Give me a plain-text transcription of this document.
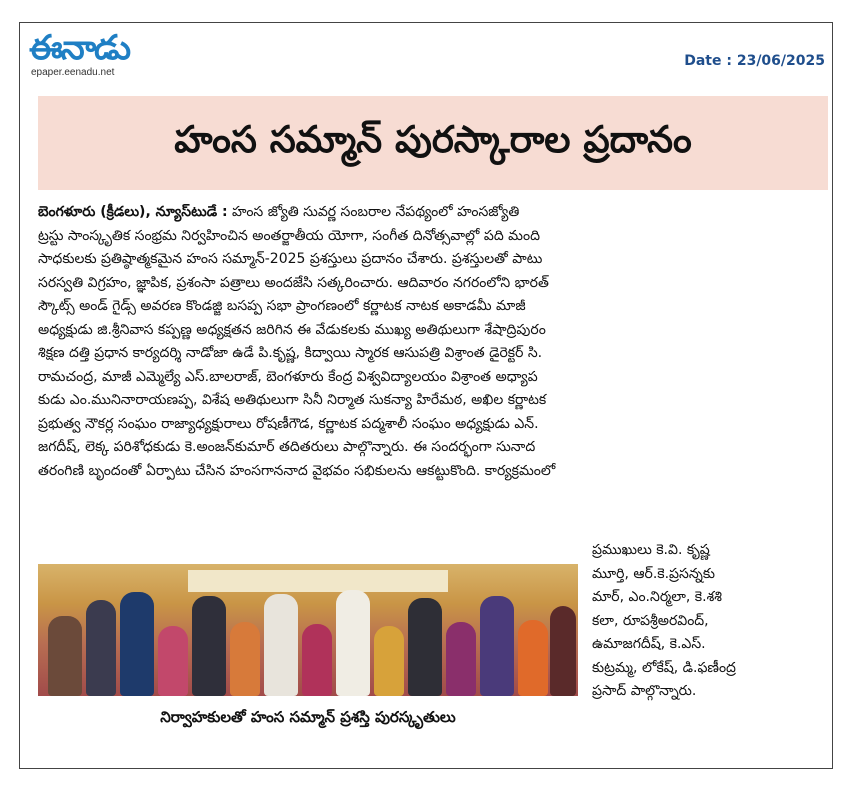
ఈనాడు
epaper.eenadu.net
Date : 23/06/2025
హంస సమ్మాన్‌ పురస్కారాల ప్రదానం
బెంగళూరు (క్రీడలు), న్యూస్‌టుడే : హంస జ్యోతి సువర్ణ సంబరాల నేపథ్యంలో హంసజ్యోతి
ట్రస్టు సాంస్కృతిక సంభ్రమ నిర్వహించిన అంతర్జాతీయ యోగా, సంగీత దినోత్సవాల్లో పది మంది
సాధకులకు ప్రతిష్ఠాత్మకమైన హంస సమ్మాన్‌-2025 ప్రశస్తులు ప్రదానం చేశారు. ప్రశస్తులతో పాటు
సరస్వతి విగ్రహం, జ్ఞాపిక, ప్రశంసా పత్రాలు అందజేసి సత్కరించారు. ఆదివారం నగరంలోని భారత్‌
స్కౌట్స్‌ అండ్‌ గైడ్స్‌ అవరణ కొండజ్జి బసప్ప సభా ప్రాంగణంలో కర్ణాటక నాటక అకాడమీ మాజీ
అధ్యక్షుడు జి.శ్రీనివాస కప్పణ్ణ అధ్యక్షతన జరిగిన ఈ వేడుకలకు ముఖ్య అతిథులుగా శేషాద్రిపురం
శిక్షణ దత్తి ప్రధాన కార్యదర్శి నాడోజా ఉడే పి.కృష్ణ, కిద్వాయి స్మారక ఆసుపత్రి విశ్రాంత డైరెక్టర్‌ సి.
రామచంద్ర, మాజీ ఎమ్మెల్యే ఎస్‌.బాలరాజ్‌, బెంగళూరు కేంద్ర విశ్వవిద్యాలయం విశ్రాంత అధ్యాప
కుడు ఎం.మునినారాయణప్ప, విశేష అతిథులుగా సినీ నిర్మాత సుకన్యా హిరేమఠ, అఖిల కర్ణాటక
ప్రభుత్వ నౌకర్ల సంఘం రాజ్యాధ్యక్షురాలు రోషణీగౌడ, కర్ణాటక పద్మశాలీ సంఘం అధ్యక్షుడు ఎన్‌.
జగదీష్‌, లెక్క పరిశోధకుడు కె.అంజన్‌కుమార్‌ తదితరులు పాల్గొన్నారు. ఈ సందర్భంగా సునాద
తరంగిణి బృందంతో ఏర్పాటు చేసిన హంసగాననాద వైభవం సభికులను ఆకట్టుకొంది. కార్యక్రమంలో
నిర్వాహకులతో హంస సమ్మాన్‌ ప్రశస్తి పురస్కృతులు
ప్రముఖులు కె.వి. కృష్ణ
మూర్తి, ఆర్‌.కె.ప్రసన్నకు
మార్‌, ఎం.నిర్మలా, కె.శశి
కలా, రూపశ్రీఅరవింద్‌,
ఉమాజగదీష్‌, కె.ఎస్‌.
కుట్రమ్మ, లోకేష్‌, డి.ఫణీంద్ర
ప్రసాద్‌ పాల్గొన్నారు.
